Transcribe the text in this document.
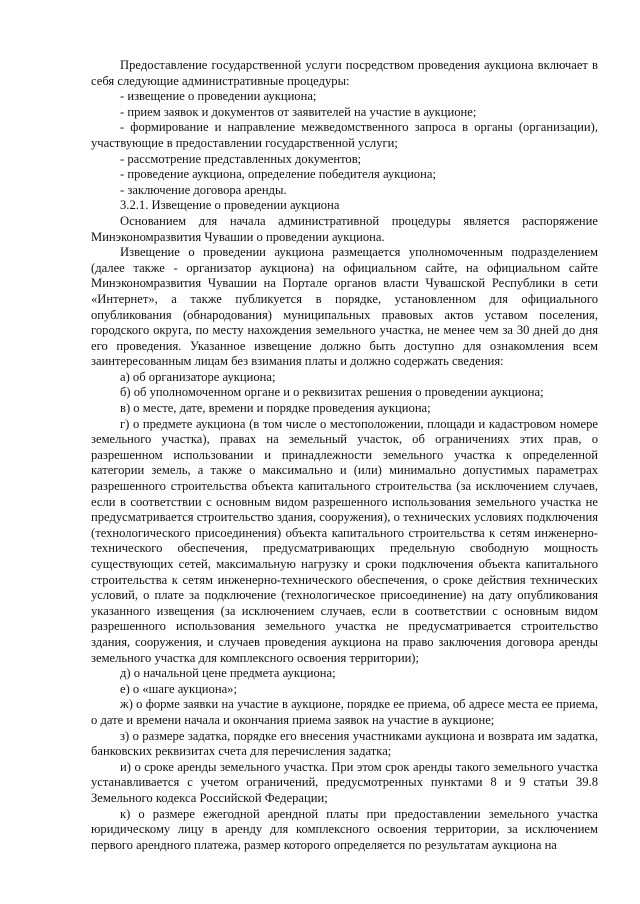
Предоставление государственной услуги посредством проведения аукциона включает в себя следующие административные процедуры:

- извещение о проведении аукциона;

- прием заявок и документов от заявителей на участие в аукционе;

- формирование и направление межведомственного запроса в органы (организации), участвующие в предоставлении государственной услуги;

- рассмотрение представленных документов;

- проведение аукциона, определение победителя аукциона;

- заключение договора аренды.

3.2.1. Извещение о проведении аукциона

Основанием для начала административной процедуры является распоряжение Минэкономразвития Чувашии о проведении аукциона.

Извещение о проведении аукциона размещается уполномоченным подразделением (далее также - организатор аукциона) на официальном сайте, на официальном сайте Минэкономразвития Чувашии на Портале органов власти Чувашской Республики в сети «Интернет», а также публикуется в порядке, установленном для официального опубликования (обнародования) муниципальных правовых актов уставом поселения, городского округа, по месту нахождения земельного участка, не менее чем за 30 дней до дня его проведения. Указанное извещение должно быть доступно для ознакомления всем заинтересованным лицам без взимания платы и должно содержать сведения:

а) об организаторе аукциона;

б) об уполномоченном органе и о реквизитах решения о проведении аукциона;

в) о месте, дате, времени и порядке проведения аукциона;

г) о предмете аукциона (в том числе о местоположении, площади и кадастровом номере земельного участка), правах на земельный участок, об ограничениях этих прав, о разрешенном использовании и принадлежности земельного участка к определенной категории земель, а также о максимально и (или) минимально допустимых параметрах разрешенного строительства объекта капитального строительства (за исключением случаев, если в соответствии с основным видом разрешенного использования земельного участка не предусматривается строительство здания, сооружения), о технических условиях подключения (технологического присоединения) объекта капитального строительства к сетям инженерно-технического обеспечения, предусматривающих предельную свободную мощность существующих сетей, максимальную нагрузку и сроки подключения объекта капитального строительства к сетям инженерно-технического обеспечения, о сроке действия технических условий, о плате за подключение (технологическое присоединение) на дату опубликования указанного извещения (за исключением случаев, если в соответствии с основным видом разрешенного использования земельного участка не предусматривается строительство здания, сооружения, и случаев проведения аукциона на право заключения договора аренды земельного участка для комплексного освоения территории);

д) о начальной цене предмета аукциона;

е) о «шаге аукциона»;

ж) о форме заявки на участие в аукционе, порядке ее приема, об адресе места ее приема, о дате и времени начала и окончания приема заявок на участие в аукционе;

з) о размере задатка, порядке его внесения участниками аукциона и возврата им задатка, банковских реквизитах счета для перечисления задатка;

и) о сроке аренды земельного участка. При этом срок аренды такого земельного участка устанавливается с учетом ограничений, предусмотренных пунктами 8 и 9 статьи 39.8 Земельного кодекса Российской Федерации;

к) о размере ежегодной арендной платы при предоставлении земельного участка юридическому лицу в аренду для комплексного освоения территории, за исключением первого арендного платежа, размер которого определяется по результатам аукциона на
